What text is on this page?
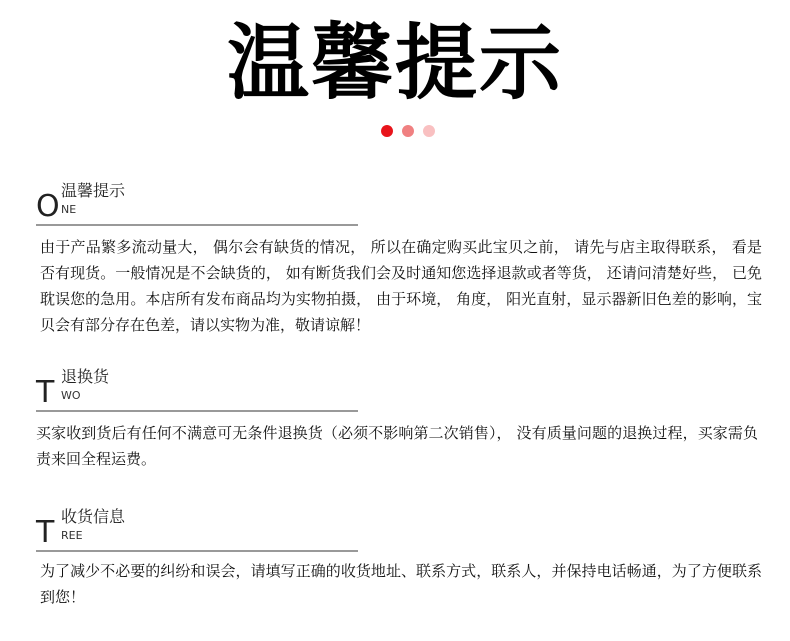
温馨提示
O 温馨提示
NE

由于产品繁多流动量大， 偶尔会有缺货的情况， 所以在确定购买此宝贝之前， 请先与店主取得联系， 看是否有现货。一般情况是不会缺货的， 如有断货我们会及时通知您选择退款或者等货， 还请问清楚好些， 已免耽误您的急用。本店所有发布商品均为实物拍摄， 由于环境， 角度， 阳光直射，显示器新旧色差的影响，宝贝会有部分存在色差，请以实物为准，敬请谅解！

T 退换货
WO

买家收到货后有任何不满意可无条件退换货（必须不影响第二次销售）， 没有质量问题的退换过程，买家需负责来回全程运费。

T 收货信息
REE

为了减少不必要的纠纷和误会，请填写正确的收货地址、联系方式，联系人，并保持电话畅通，为了方便联系到您！
